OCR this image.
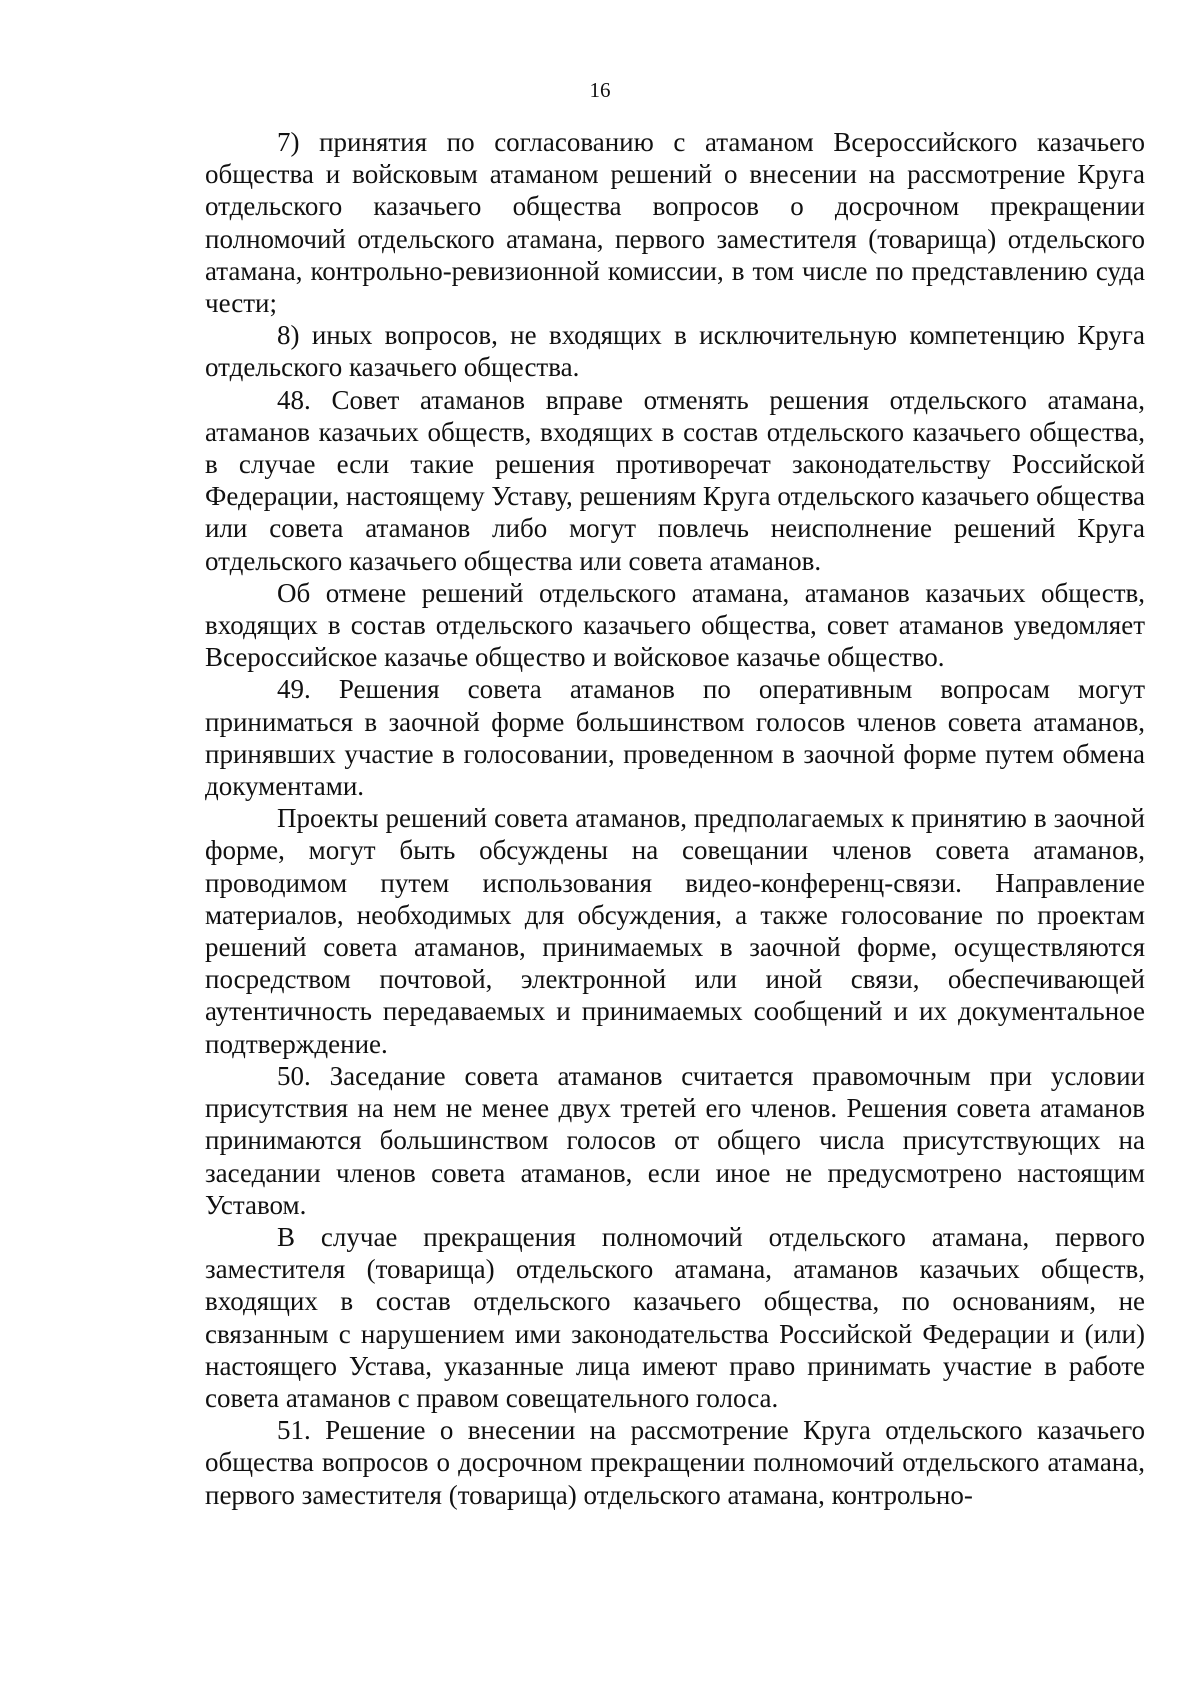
16

7) принятия по согласованию с атаманом Всероссийского казачьего общества и войсковым атаманом решений о внесении на рассмотрение Круга отдельского казачьего общества вопросов о досрочном прекращении полномочий отдельского атамана, первого заместителя (товарища) отдельского атамана, контрольно-ревизионной комиссии, в том числе по представлению суда чести;

8) иных вопросов, не входящих в исключительную компетенцию Круга отдельского казачьего общества.

48. Совет атаманов вправе отменять решения отдельского атамана, атаманов казачьих обществ, входящих в состав отдельского казачьего общества, в случае если такие решения противоречат законодательству Российской Федерации, настоящему Уставу, решениям Круга отдельского казачьего общества или совета атаманов либо могут повлечь неисполнение решений Круга отдельского казачьего общества или совета атаманов.

Об отмене решений отдельского атамана, атаманов казачьих обществ, входящих в состав отдельского казачьего общества, совет атаманов уведомляет Всероссийское казачье общество и войсковое казачье общество.

49. Решения совета атаманов по оперативным вопросам могут приниматься в заочной форме большинством голосов членов совета атаманов, принявших участие в голосовании, проведенном в заочной форме путем обмена документами.

Проекты решений совета атаманов, предполагаемых к принятию в заочной форме, могут быть обсуждены на совещании членов совета атаманов, проводимом путем использования видео-конференц-связи. Направление материалов, необходимых для обсуждения, а также голосование по проектам решений совета атаманов, принимаемых в заочной форме, осуществляются посредством почтовой, электронной или иной связи, обеспечивающей аутентичность передаваемых и принимаемых сообщений и их документальное подтверждение.

50. Заседание совета атаманов считается правомочным при условии присутствия на нем не менее двух третей его членов. Решения совета атаманов принимаются большинством голосов от общего числа присутствующих на заседании членов совета атаманов, если иное не предусмотрено настоящим Уставом.

В случае прекращения полномочий отдельского атамана, первого заместителя (товарища) отдельского атамана, атаманов казачьих обществ, входящих в состав отдельского казачьего общества, по основаниям, не связанным с нарушением ими законодательства Российской Федерации и (или) настоящего Устава, указанные лица имеют право принимать участие в работе совета атаманов с правом совещательного голоса.

51. Решение о внесении на рассмотрение Круга отдельского казачьего общества вопросов о досрочном прекращении полномочий отдельского атамана, первого заместителя (товарища) отдельского атамана, контрольно-
